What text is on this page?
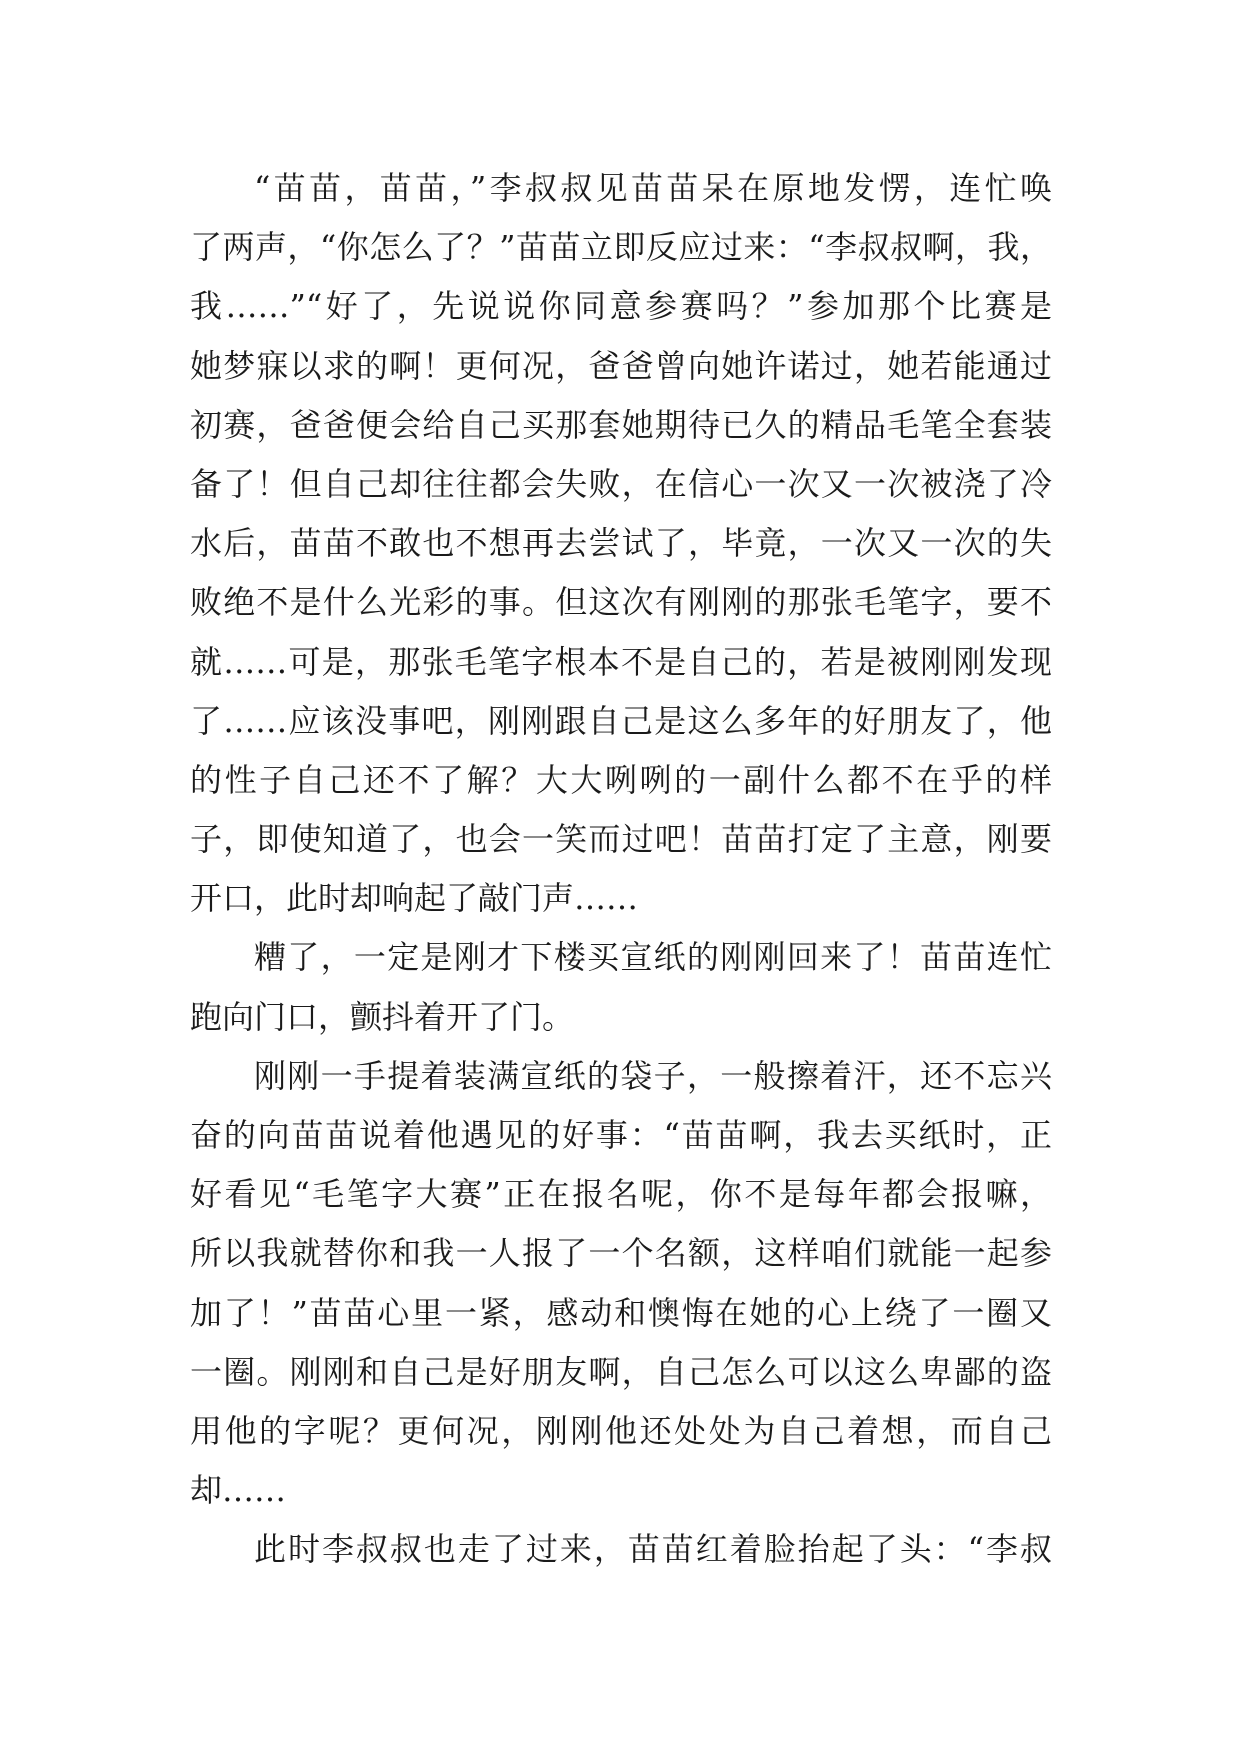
“苗苗，苗苗，”李叔叔见苗苗呆在原地发愣，连忙唤
了两声，“你怎么了？”苗苗立即反应过来：“李叔叔啊，我，
我……”“好了，先说说你同意参赛吗？”参加那个比赛是
她梦寐以求的啊！更何况，爸爸曾向她许诺过，她若能通过
初赛，爸爸便会给自己买那套她期待已久的精品毛笔全套装
备了！但自己却往往都会失败，在信心一次又一次被浇了冷
水后，苗苗不敢也不想再去尝试了，毕竟，一次又一次的失
败绝不是什么光彩的事。但这次有刚刚的那张毛笔字，要不
就……可是，那张毛笔字根本不是自己的，若是被刚刚发现
了……应该没事吧，刚刚跟自己是这么多年的好朋友了，他
的性子自己还不了解？大大咧咧的一副什么都不在乎的样
子，即使知道了，也会一笑而过吧！苗苗打定了主意，刚要
开口，此时却响起了敲门声……
糟了，一定是刚才下楼买宣纸的刚刚回来了！苗苗连忙
跑向门口，颤抖着开了门。
刚刚一手提着装满宣纸的袋子，一般擦着汗，还不忘兴
奋的向苗苗说着他遇见的好事：“苗苗啊，我去买纸时，正
好看见“毛笔字大赛”正在报名呢，你不是每年都会报嘛，
所以我就替你和我一人报了一个名额，这样咱们就能一起参
加了！”苗苗心里一紧，感动和懊悔在她的心上绕了一圈又
一圈。刚刚和自己是好朋友啊，自己怎么可以这么卑鄙的盗
用他的字呢？更何况，刚刚他还处处为自己着想，而自己
却……
此时李叔叔也走了过来，苗苗红着脸抬起了头：“李叔
